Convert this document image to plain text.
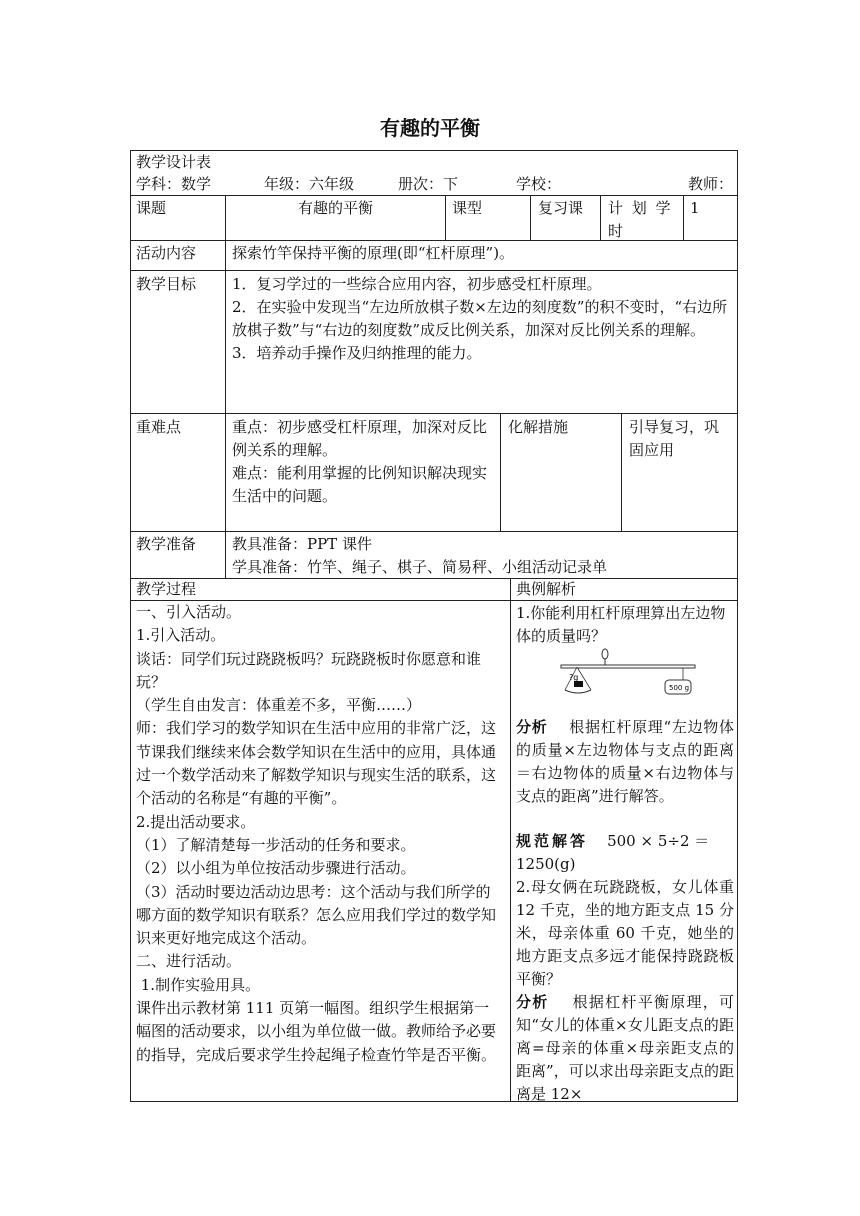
有趣的平衡
教学设计表
学科：数学	年级：六年级	册次：下	学校：	教师：
课题	有趣的平衡	课型	复习课	计 划 学时
1
活动内容	探索竹竿保持平衡的原理(即“杠杆原理”)。
教学目标	1．复习学过的一些综合应用内容，初步感受杠杆原理。

2．在实验中发现当“左边所放棋子数×左边的刻度数”的积不变时，“右边所放棋子数”与“右边的刻度数”成反比例关系，加深对反比例关系的理解。

3．培养动手操作及归纳推理的能力。

重难点	重点：初步感受杠杆原理，加深对反比例关系的理解。

难点：能利用掌握的比例知识解决现实生活中的问题。

化解措施	引导复习，巩固应用
教学准备	教具准备：PPT 课件

学具准备：竹竿、绳子、棋子、简易秤、小组活动记录单

教学过程

一、引入活动。

1.引入活动。

谈话：同学们玩过跷跷板吗？玩跷跷板时你愿意和谁玩？

（学生自由发言：体重差不多，平衡……）

师：我们学习的数学知识在生活中应用的非常广泛，这节课我们继续来体会数学知识在生活中的应用，具体通过一个数学活动来了解数学知识与现实生活的联系，这个活动的名称是“有趣的平衡”。

2.提出活动要求。

（1）了解清楚每一步活动的任务和要求。

（2）以小组为单位按活动步骤进行活动。

（3）活动时要边活动边思考：这个活动与我们所学的哪方面的数学知识有联系？怎么应用我们学过的数学知识来更好地完成这个活动。

二、进行活动。

1.制作实验用具。

课件出示教材第 111 页第一幅图。组织学生根据第一幅图的活动要求，以小组为单位做一做。教师给予必要的指导，完成后要求学生拎起绳子检查竹竿是否平衡。

典例解析
1.你能利用杠杆原理算出左边物体的质量吗？
?g
500 g
分析 根据杠杆原理“左边物体的质量×左边物体与支点的距离＝右边物体的质量×右边物体与支点的距离”进行解答。
规范解答 500 × 5÷2 ＝ 1250(g)
2.母女俩在玩跷跷板，女儿体重 12 千克，坐的地方距支点 15 分米，母亲体重 60 千克，她坐的地方距支点多远才能保持跷跷板平衡？
分析 根据杠杆平衡原理，可知“女儿的体重×女儿距支点的距离=母亲的体重×母亲距支点的距离”，可以求出母亲距支点的距离是 12×
